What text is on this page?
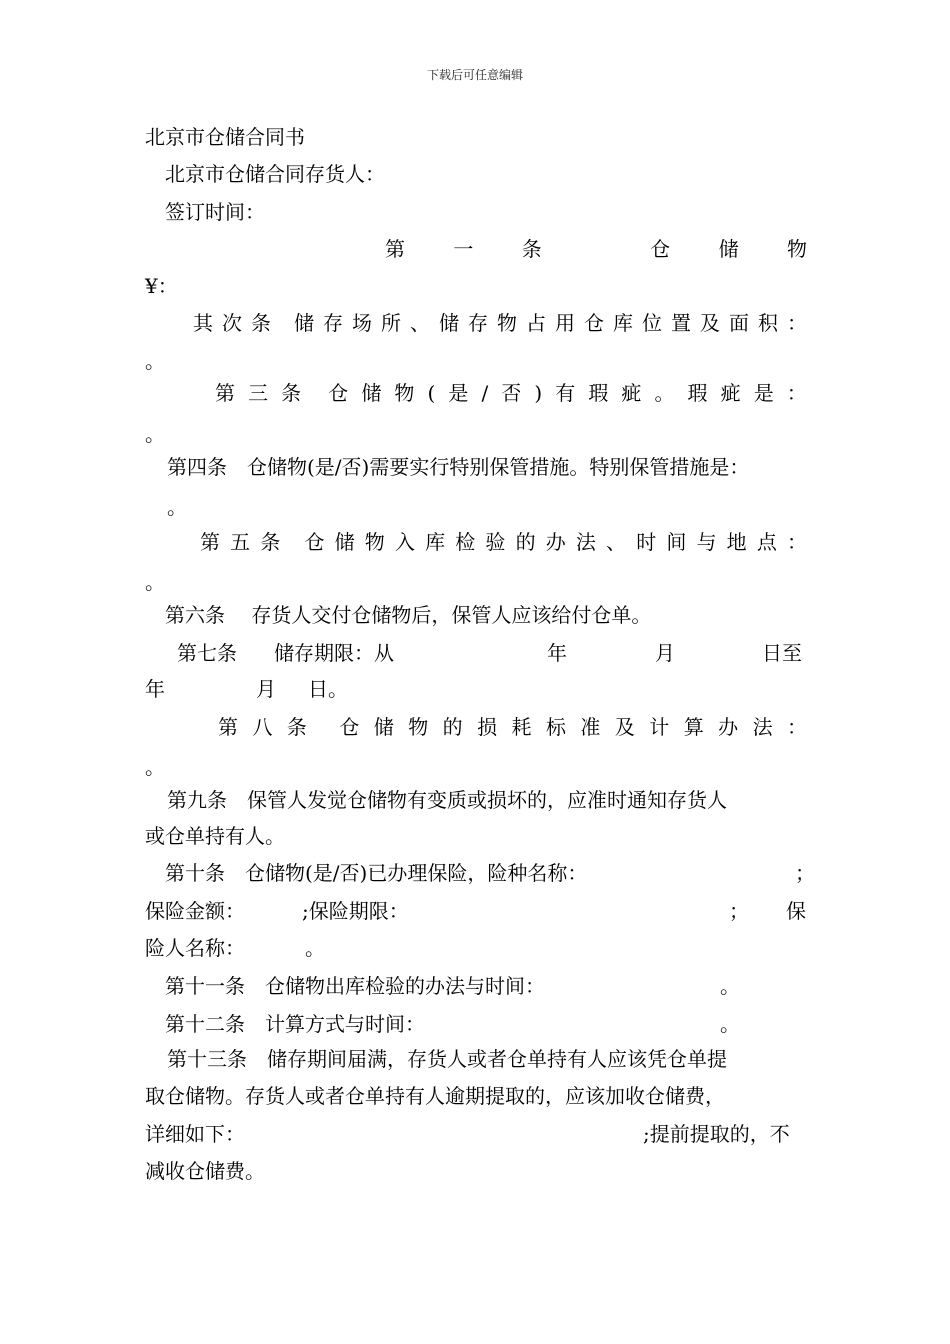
下载后可任意编辑
北京市仓储合同书
北京市仓储合同存货人：
签订时间：
第 一 条	仓 储 物
¥：
其 次 条 储 存 场 所 、 储 存 物 占 用 仓 库 位 置 及 面 积 ：
。
第 三 条 仓 储 物 ( 是 / 否 ) 有 瑕 疵 。 瑕 疵 是 ：
。
第四条　仓储物(是/否)需要实行特别保管措施。特别保管措施是：
。
第 五 条 仓 储 物 入 库 检 验 的 办 法 、 时 间 与 地 点 ：
。
第六条　 存货人交付仓储物后，保管人应该给付仓单。
第七条 储存期限：从	年	月	日至
年	月 日。
第 八 条 仓 储 物 的 损 耗 标 准 及 计 算 办 法 ：
。
第九条　保管人发觉仓储物有变质或损坏的，应准时通知存货人
或仓单持有人。
第十条　仓储物(是/否)已办理保险，险种名称：	；
保险金额：	;保险期限：	； 保
险人名称：	。
第十一条　仓储物出库检验的办法与时间：	。
第十二条　计算方式与时间：	。
第十三条　储存期间届满，存货人或者仓单持有人应该凭仓单提
取仓储物。存货人或者仓单持有人逾期提取的，应该加收仓储费，
详细如下：	;提前提取的，不
减收仓储费。
